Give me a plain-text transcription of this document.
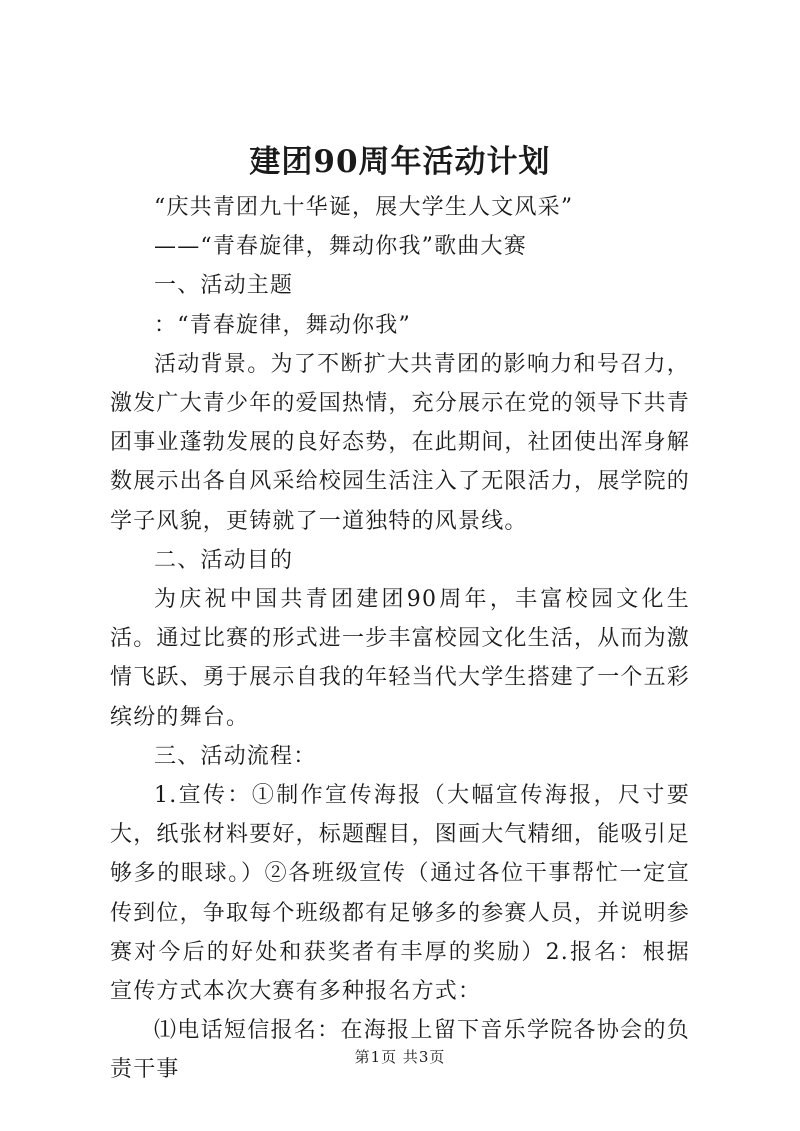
建团90周年活动计划

“庆共青团九十华诞，展大学生人文风采”

——“青春旋律，舞动你我”歌曲大赛

一、活动主题

：“青春旋律，舞动你我”

活动背景。为了不断扩大共青团的影响力和号召力，激发广大青少年的爱国热情，充分展示在党的领导下共青团事业蓬勃发展的良好态势，在此期间，社团使出浑身解数展示出各自风采给校园生活注入了无限活力，展学院的学子风貌，更铸就了一道独特的风景线。

二、活动目的

为庆祝中国共青团建团90周年，丰富校园文化生活。通过比赛的形式进一步丰富校园文化生活，从而为激情飞跃、勇于展示自我的年轻当代大学生搭建了一个五彩缤纷的舞台。

三、活动流程：

1.宣传：①制作宣传海报（大幅宣传海报，尺寸要大，纸张材料要好，标题醒目，图画大气精细，能吸引足够多的眼球。）②各班级宣传（通过各位干事帮忙一定宣传到位，争取每个班级都有足够多的参赛人员，并说明参赛对今后的好处和获奖者有丰厚的奖励）2.报名：根据宣传方式本次大赛有多种报名方式：

⑴电话短信报名：在海报上留下音乐学院各协会的负责干事

第1页 共3页
